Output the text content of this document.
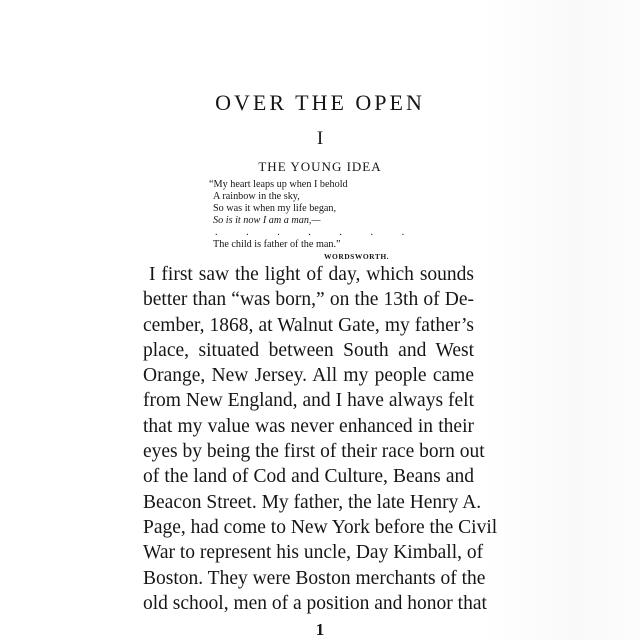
OVER THE OPEN
I
THE YOUNG IDEA
“My heart leaps up when I behold
A rainbow in the sky,
So was it when my life began,
So is it now I am a man,—
. . . . . . .
The child is father of the man.”
WORDSWORTH.
I first saw the light of day, which sounds
better than “was born,” on the 13th of De-
cember, 1868, at Walnut Gate, my father’s
place, situated between South and West
Orange, New Jersey. All my people came
from New England, and I have always felt
that my value was never enhanced in their
eyes by being the first of their race born out
of the land of Cod and Culture, Beans and
Beacon Street. My father, the late Henry A.
Page, had come to New York before the Civil
War to represent his uncle, Day Kimball, of
Boston. They were Boston merchants of the
old school, men of a position and honor that
1
